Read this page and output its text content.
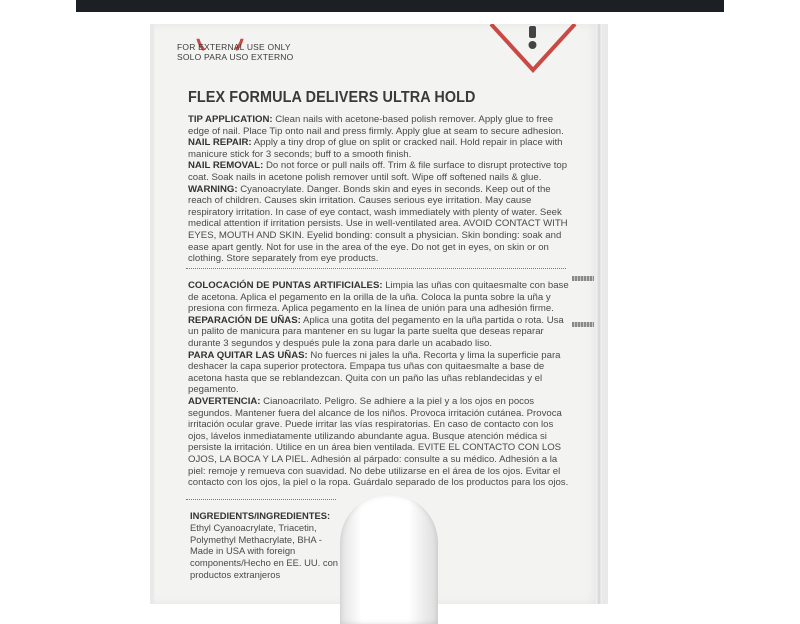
FOR EXTERNAL USE ONLY
SOLO PARA USO EXTERNO
FLEX FORMULA DELIVERS ULTRA HOLD

TIP APPLICATION: Clean nails with acetone-based polish remover. Apply glue to free edge of nail. Place Tip onto nail and press firmly. Apply glue at seam to secure adhesion.

NAIL REPAIR: Apply a tiny drop of glue on split or cracked nail. Hold repair in place with manicure stick for 3 seconds; buff to a smooth finish.

NAIL REMOVAL: Do not force or pull nails off. Trim & file surface to disrupt protective top coat. Soak nails in acetone polish remover until soft. Wipe off softened nails & glue.

WARNING: Cyanoacrylate. Danger. Bonds skin and eyes in seconds. Keep out of the reach of children. Causes skin irritation. Causes serious eye irritation. May cause respiratory irritation. In case of eye contact, wash immediately with plenty of water. Seek medical attention if irritation persists. Use in well-ventilated area. AVOID CONTACT WITH EYES, MOUTH AND SKIN. Eyelid bonding: consult a physician. Skin bonding: soak and ease apart gently. Not for use in the area of the eye. Do not get in eyes, on skin or on clothing. Store separately from eye products.

COLOCACIÓN DE PUNTAS ARTIFICIALES: Limpia las uñas con quitaesmalte con base de acetona. Aplica el pegamento en la orilla de la uña. Coloca la punta sobre la uña y presiona con firmeza. Aplica pegamento en la línea de unión para una adhesión firme.

REPARACIÓN DE UÑAS: Aplica una gotita del pegamento en la uña partida o rota. Usa un palito de manicura para mantener en su lugar la parte suelta que deseas reparar durante 3 segundos y después pule la zona para darle un acabado liso.

PARA QUITAR LAS UÑAS: No fuerces ni jales la uña. Recorta y lima la superficie para deshacer la capa superior protectora. Empapa tus uñas con quitaesmalte a base de acetona hasta que se reblandezcan. Quita con un paño las uñas reblandecidas y el pegamento.

ADVERTENCIA: Cianoacrilato. Peligro. Se adhiere a la piel y a los ojos en pocos segundos. Mantener fuera del alcance de los niños. Provoca irritación cutánea. Provoca irritación ocular grave. Puede irritar las vías respiratorias. En caso de contacto con los ojos, lávelos inmediatamente utilizando abundante agua. Busque atención médica si persiste la irritación. Utilice en un área bien ventilada. EVITE EL CONTACTO CON LOS OJOS, LA BOCA Y LA PIEL. Adhesión al párpado: consulte a su médico. Adhesión a la piel: remoje y remueva con suavidad. No debe utilizarse en el área de los ojos. Evitar el contacto con los ojos, la piel o la ropa. Guárdalo separado de los productos para los ojos.

INGREDIENTS/INGREDIENTES:
Ethyl Cyanoacrylate, Triacetin,
Polymethyl Methacrylate, BHA -
Made in USA with foreign
components/Hecho en EE. UU. con
productos extranjeros
